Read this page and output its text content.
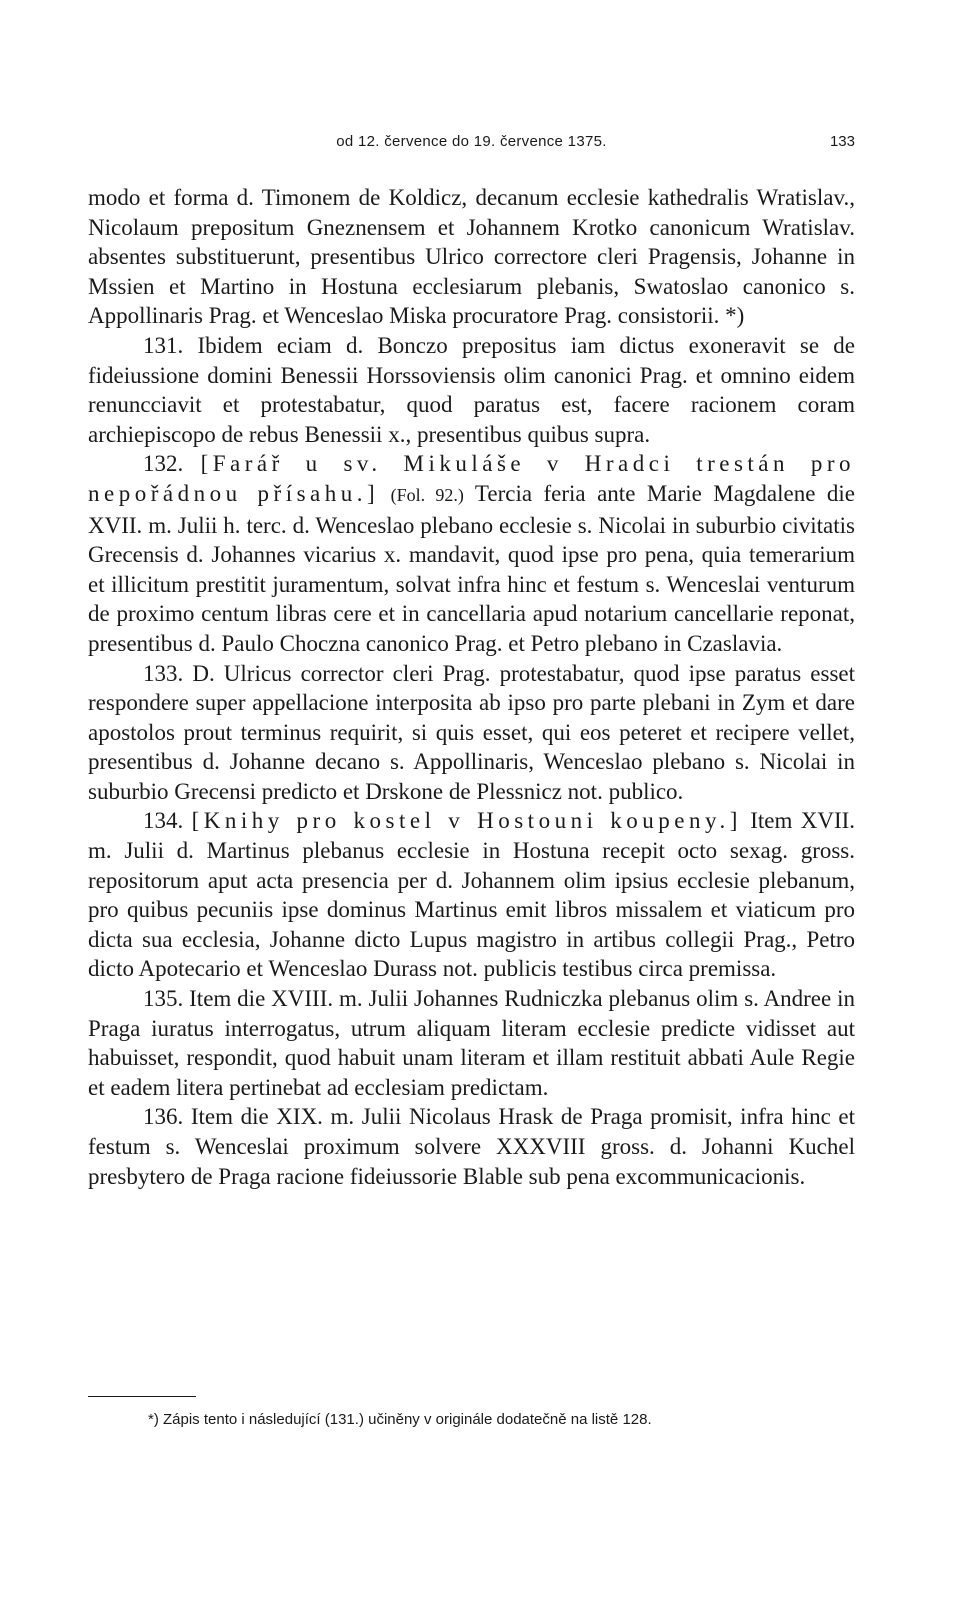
od 12. července do 19. července 1375.	133

modo et forma d. Timonem de Koldicz, decanum ecclesie kathedralis Wratislav., Nicolaum prepositum Gneznensem et Johannem Krotko canonicum Wratislav. absentes substituerunt, presentibus Ulrico correctore cleri Pragensis, Johanne in Mssien et Martino in Hostuna ecclesiarum plebanis, Swatoslao canonico s. Appollinaris Prag. et Wenceslao Miska procuratore Prag. consistorii. *)

131. Ibidem eciam d. Bonczo prepositus iam dictus exoneravit se de fideiussione domini Benessii Horssoviensis olim canonici Prag. et omnino eidem renuncciavit et protestabatur, quod paratus est, facere racionem coram archiepiscopo de rebus Benessii x., presentibus quibus supra.

132. [Farář u sv. Mikuláše v Hradci trestán pro nepořádnou přísahu.] (Fol. 92.) Tercia feria ante Marie Magdalene die XVII. m. Julii h. terc. d. Wenceslao plebano ecclesie s. Nicolai in suburbio civitatis Grecensis d. Johannes vicarius x. mandavit, quod ipse pro pena, quia temerarium et illicitum prestitit juramentum, solvat infra hinc et festum s. Wenceslai venturum de proximo centum libras cere et in cancellaria apud notarium cancellarie reponat, presentibus d. Paulo Choczna canonico Prag. et Petro plebano in Czaslavia.

133. D. Ulricus corrector cleri Prag. protestabatur, quod ipse paratus esset respondere super appellacione interposita ab ipso pro parte plebani in Zym et dare apostolos prout terminus requirit, si quis esset, qui eos peteret et recipere vellet, presentibus d. Johanne decano s. Appollinaris, Wenceslao plebano s. Nicolai in suburbio Grecensi predicto et Drskone de Plessnicz not. publico.

134. [Knihy pro kostel v Hostouni koupeny.] Item XVII. m. Julii d. Martinus plebanus ecclesie in Hostuna recepit octo sexag. gross. repositorum aput acta presencia per d. Johannem olim ipsius ecclesie plebanum, pro quibus pecuniis ipse dominus Martinus emit libros missalem et viaticum pro dicta sua ecclesia, Johanne dicto Lupus magistro in artibus collegii Prag., Petro dicto Apotecario et Wenceslao Durass not. publicis testibus circa premissa.

135. Item die XVIII. m. Julii Johannes Rudniczka plebanus olim s. Andree in Praga iuratus interrogatus, utrum aliquam literam ecclesie predicte vidisset aut habuisset, respondit, quod habuit unam literam et illam restituit abbati Aule Regie et eadem litera pertinebat ad ecclesiam predictam.

136. Item die XIX. m. Julii Nicolaus Hrask de Praga promisit, infra hinc et festum s. Wenceslai proximum solvere XXXVIII gross. d. Johanni Kuchel presbytero de Praga racione fideiussorie Blable sub pena excommunicacionis.

*) Zápis tento i následující (131.) učiněny v originále dodatečně na listě 128.
